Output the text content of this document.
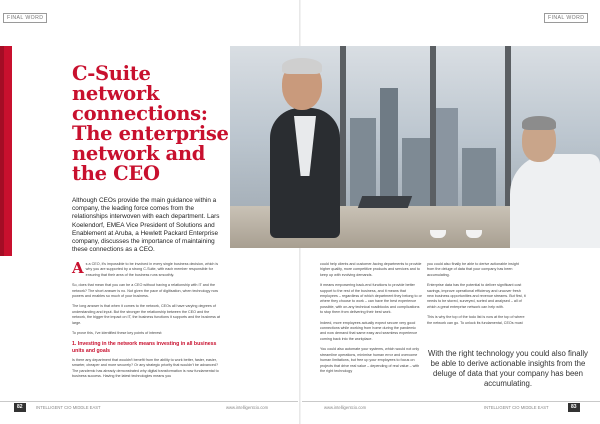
FINAL WORD	FINAL WORD
C-Suite network connections: The enterprise network and the CEO

Although CEOs provide the main guidance within a company, the leading force comes from the relationships interwoven with each department. Lars Koelendorf, EMEA Vice President of Solutions and Enablement at Aruba, a Hewlett Packard Enterprise company, discusses the importance of maintaining these connections as a CEO.

As a CEO, it's impossible to be involved in every single business decision, which is why you are supported by a strong C-Suite, with each member responsible for ensuring that their area of the business runs smoothly.

So, does that mean that you can be a CEO without having a relationship with IT and the network? The short answer is no. Not given the pace of digitisation, when technology now powers and enables so much of your business.

The long answer is that when it comes to the network, CEOs all have varying degrees of understanding and input. But the stronger the relationship between the CEO and the network, the bigger the impact on IT, the business functions it supports and the business at large.

To prove this, I've identified these key points of interest:

1. Investing in the network means investing in all business units and goals

Is there any department that wouldn't benefit from the ability to work better, faster, easier, smarter, cheaper and more securely? Or any strategic priority that wouldn't be advanced? The pandemic has already demonstrated why digital transformation is now fundamental to business success. Having the latest technologies means you

could help clients and customer-facing departments to provide higher quality, more competitive products and services and to keep up with evolving demands.

It means empowering back-end functions to provide better support to the rest of the business, and it means that employees – regardless of which department they belong to or where they choose to work – can have the best experience possible, with on-any technical roadblocks and complications to stop them from delivering their best work.

Indeed, more employees actually expect secure very good connections while working from home during the pandemic and now demand that same easy and seamless experience coming back into the workplace.

You could also automate your systems, which would not only streamline operations, minimise human error and overcome human limitations, but free up your employees to focus on projects that drive real value – depending of real value – with the right technology

you could also finally be able to derive actionable insight from the deluge of data that your company has been accumulating.

Enterprise data has the potential to deliver significant cost savings, improve operational efficiency and uncover fresh new business opportunities and revenue streams. But first, it needs to be stored, surveyed, sorted and analysed – all of which a great enterprise network can help with.

This is why the top of the todo list is now at the top of where the network can go. To unlock its fundamental, CEOs must

With the right technology you could also finally be able to derive actionable insights from the deluge of data that your company has been accumulating.
82	INTELLIGENT CIO MIDDLE EAST	www.intelligentcio.com	www.intelligentcio.com	INTELLIGENT CIO MIDDLE EAST	83
